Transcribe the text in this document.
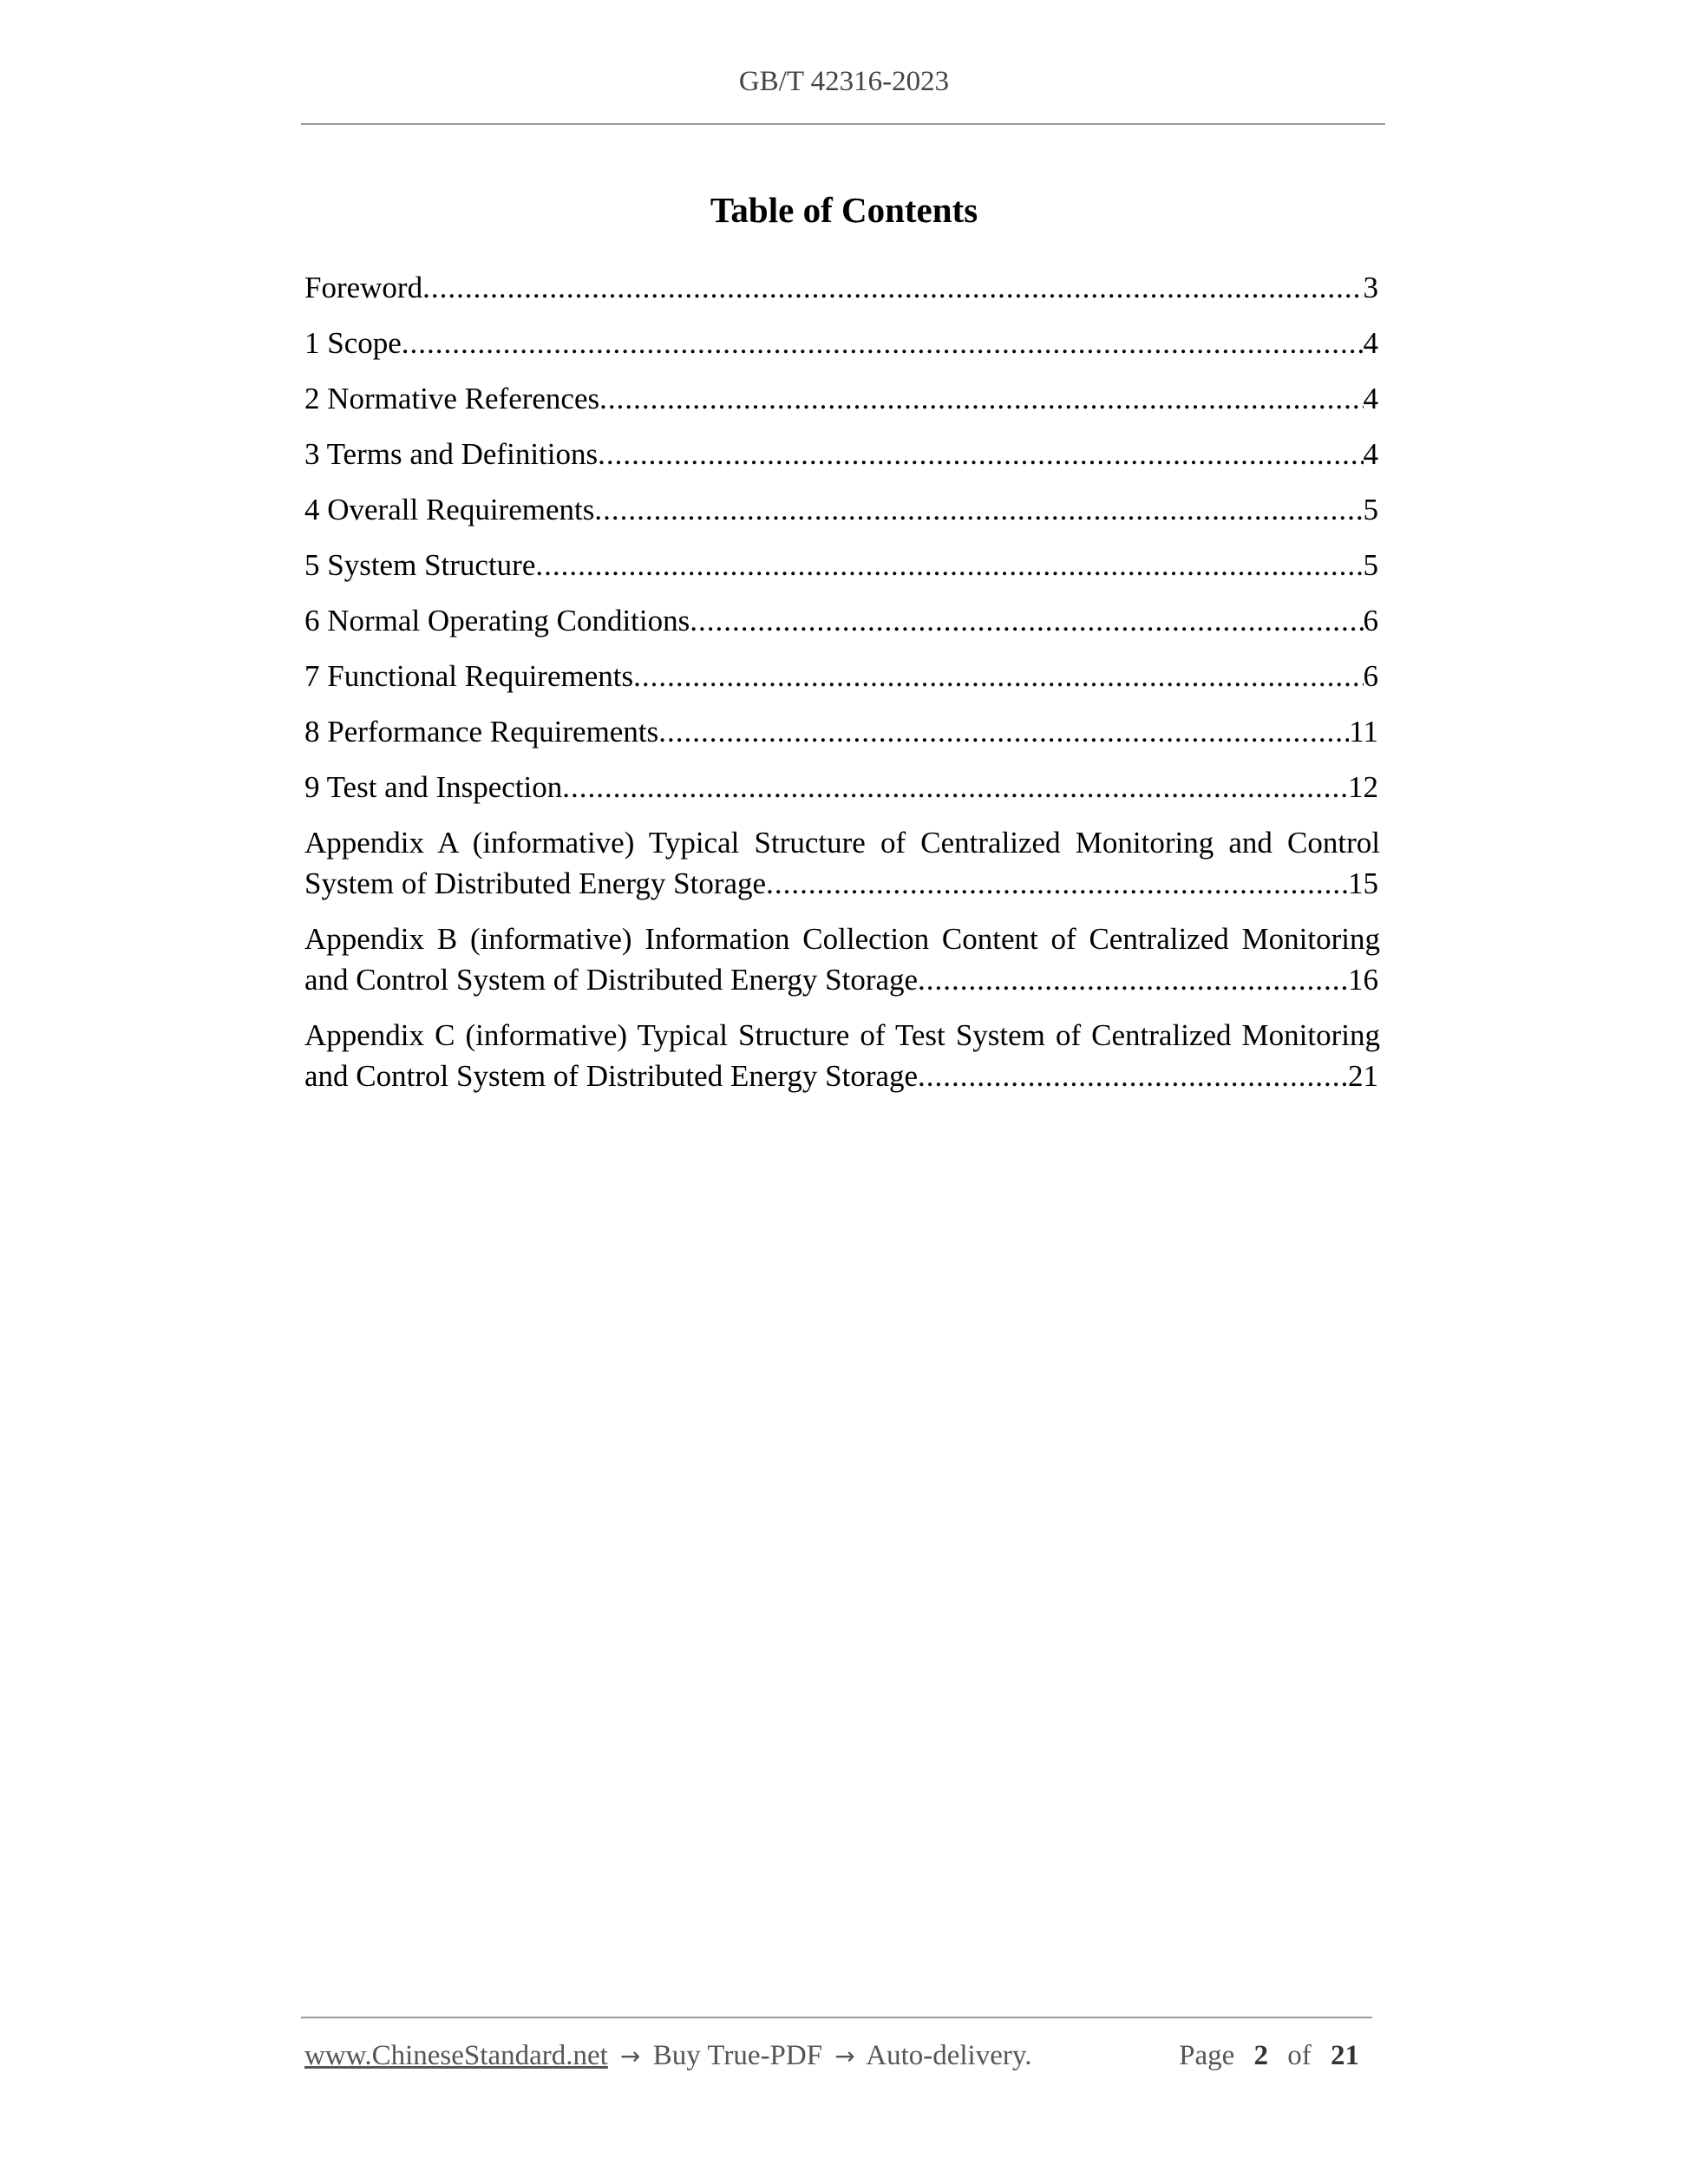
GB/T 42316-2023
Table of Contents
Foreword
.....	3
1 Scope
.....	4
2 Normative References
.....	4
3 Terms and Definitions
.....	4
4 Overall Requirements
.....	5
5 System Structure
.....	5
6 Normal Operating Conditions
.....	6
7 Functional Requirements
.....	6
8 Performance Requirements
.....	11
9 Test and Inspection
.....	12
Appendix A (informative) Typical Structure of Centralized Monitoring and Control
System of Distributed Energy Storage
.....	15
Appendix B (informative) Information Collection Content of Centralized Monitoring
and Control System of Distributed Energy Storage
.....	16
Appendix C (informative) Typical Structure of Test System of Centralized Monitoring
and Control System of Distributed Energy Storage
.....	21
www.ChineseStandard.net → Buy True-PDF → Auto-delivery.	Page 2 of 21
